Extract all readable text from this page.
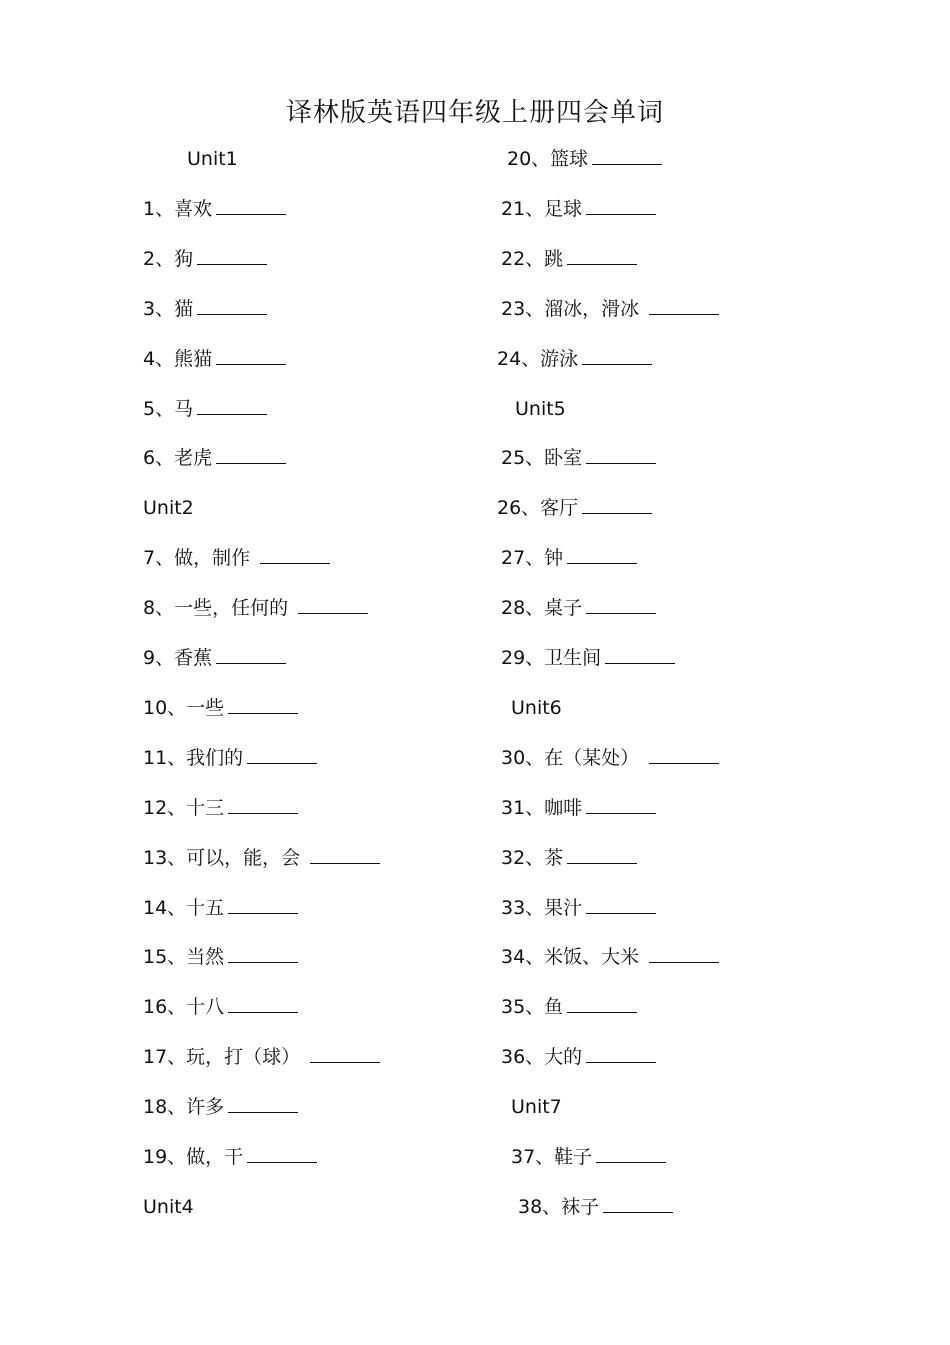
译林版英语四年级上册四会单词
Unit1
1、喜欢
2、狗
3、猫
4、熊猫
5、马
6、老虎
Unit2
7、做，制作
8、一些，任何的
9、香蕉
10、一些
11、我们的
12、十三
13、可以，能，会
14、十五
15、当然
16、十八
17、玩，打（球）
18、许多
19、做，干
Unit4
20、篮球
21、足球
22、跳
23、溜冰，滑冰
24、游泳
Unit5
25、卧室
26、客厅
27、钟
28、桌子
29、卫生间
Unit6
30、在（某处）
31、咖啡
32、茶
33、果汁
34、米饭、大米
35、鱼
36、大的
Unit7
37、鞋子
38、袜子
